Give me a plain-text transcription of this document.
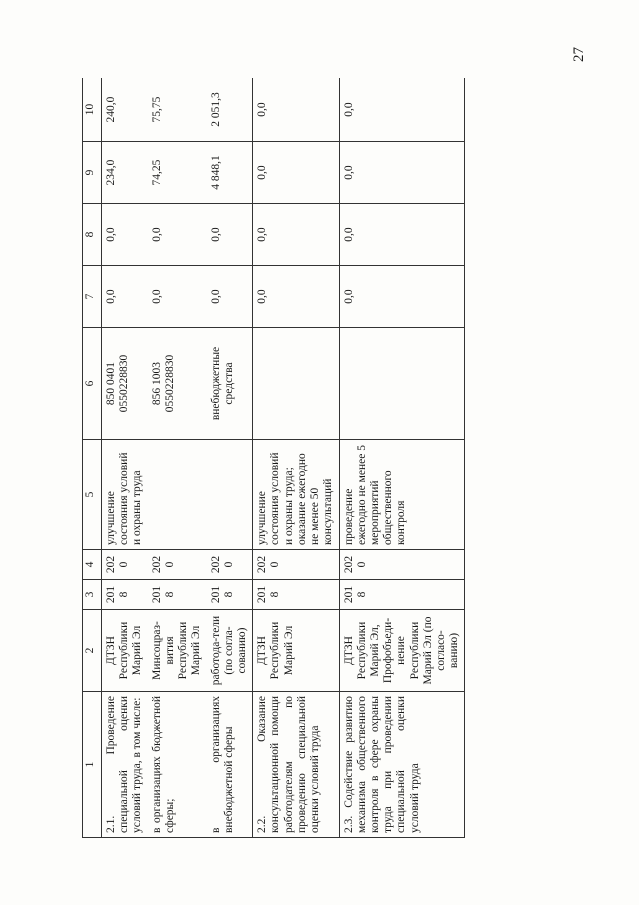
27
1	2	3	4	5	6	7	8	9	10
2.1. Проведение специальной оценки условий труда, в том числе:	ДТЗН Республики Марий Эл	2018	2020	улучшение состояния условий и охраны труда	850 0401 0550228830	0,0	0,0	234,0	240,0
в организациях бюджетной сферы;	Минсоцраз-вития Республики Марий Эл	2018	2020		856 1003 0550228830	0,0	0,0	74,25	75,75
в организациях внебюджетной сферы	работода-тели (по согла-сованию)	2018	2020		внебюджетные средства	0,0	0,0	4 848,1	2 051,3
2.2. Оказание консультационной помощи работодателям по проведению специальной оценки условий труда	ДТЗН Республики Марий Эл	2018	2020	улучшение состояния условий и охраны труда; оказание ежегодно не менее 50 консультаций		0,0	0,0	0,0	0,0
2.3. Содействие развитию механизма общественного контроля в сфере охраны труда при проведении специальной оценки условий труда	ДТЗН Республики Марий Эл, Профобъеди-нение Республики Марий Эл (по согласо-ванию)	2018	2020	проведение ежегодно не менее 5 мероприятий общественного контроля		0,0	0,0	0,0	0,0
